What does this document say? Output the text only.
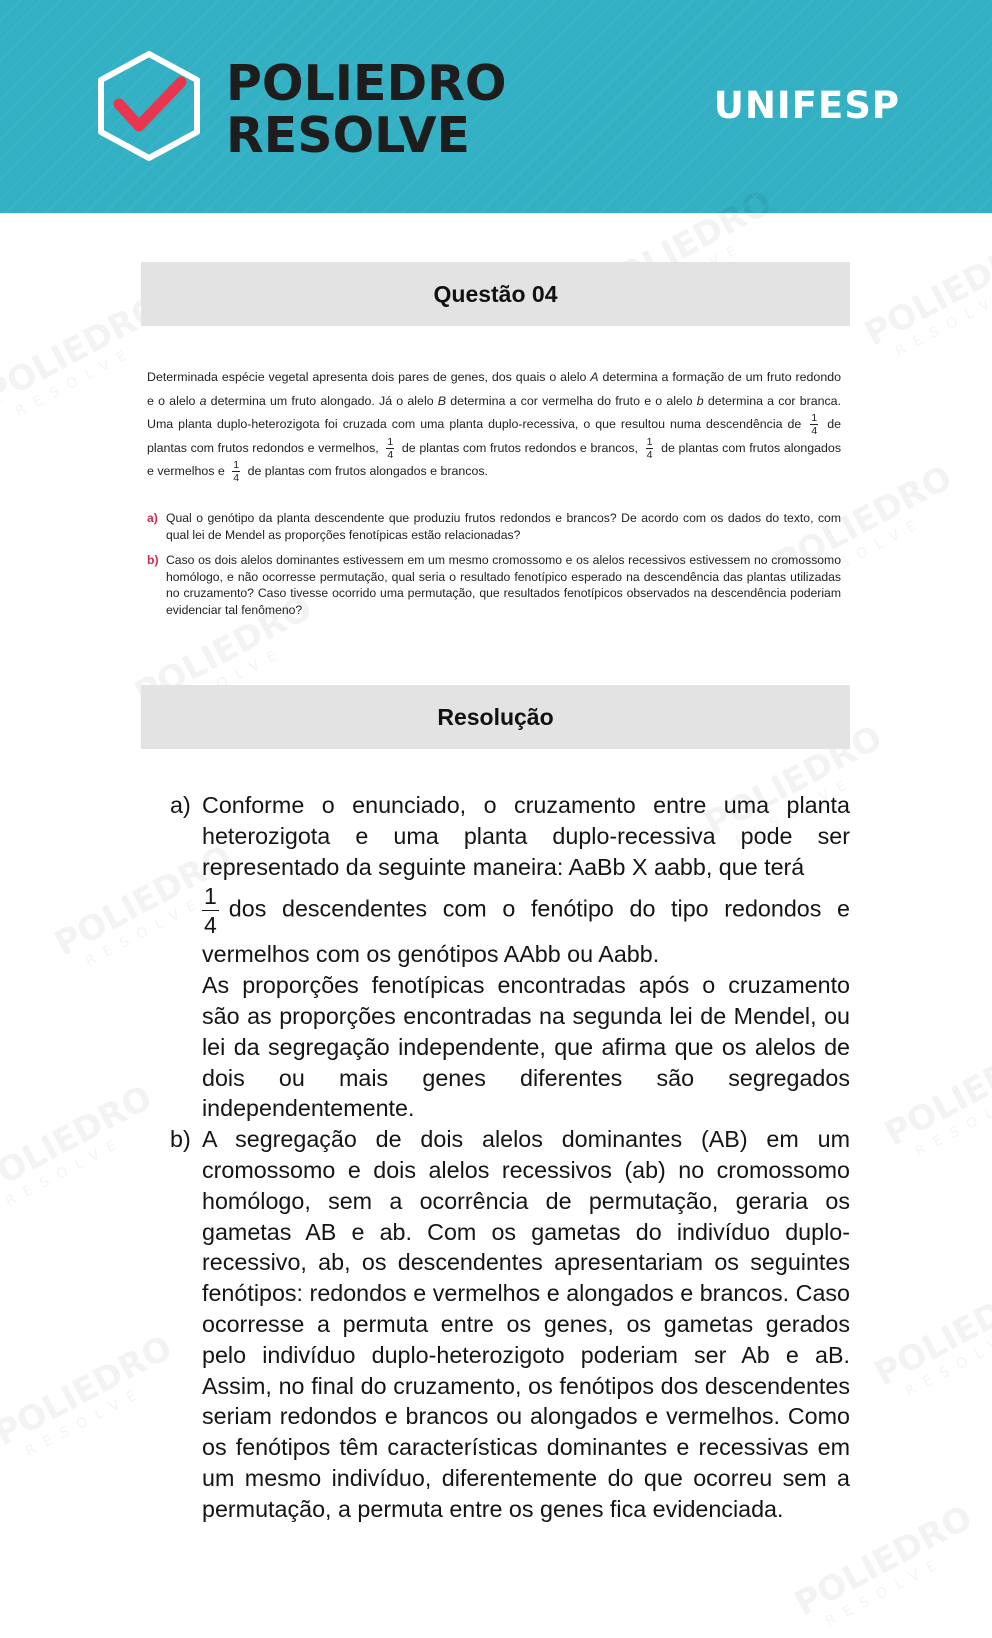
POLIEDRO
RESOLVE
UNIFESP
Questão 04
Determinada espécie vegetal apresenta dois pares de genes, dos quais o alelo A determina a formação de um fruto redondo e o alelo a determina um fruto alongado. Já o alelo B determina a cor vermelha do fruto e o alelo b determina a cor branca. Uma planta duplo-heterozigota foi cruzada com uma planta duplo-recessiva, o que resultou numa descendência de $\frac{1}{4}$ de plantas com frutos redondos e vermelhos, $\frac{1}{4}$ de plantas com frutos redondos e brancos, $\frac{1}{4}$ de plantas com frutos alongados e vermelhos e $\frac{1}{4}$ de plantas com frutos alongados e brancos.
a) Qual o genótipo da planta descendente que produziu frutos redondos e brancos? De acordo com os dados do texto, com qual lei de Mendel as proporções fenotípicas estão relacionadas?
b) Caso os dois alelos dominantes estivessem em um mesmo cromossomo e os alelos recessivos estivessem no cromossomo homólogo, e não ocorresse permutação, qual seria o resultado fenotípico esperado na descendência das plantas utilizadas no cruzamento? Caso tivesse ocorrido uma permutação, que resultados fenotípicos observados na descendência poderiam evidenciar tal fenômeno?
Resolução
a) Conforme o enunciado, o cruzamento entre uma planta heterozigota e uma planta duplo-recessiva pode ser representado da seguinte maneira: AaBb X aabb, que terá

$\frac{1}{4}$ dos descendentes com o fenótipo do tipo redondos e vermelhos com os genótipos AAbb ou Aabb.

As proporções fenotípicas encontradas após o cruzamento são as proporções encontradas na segunda lei de Mendel, ou lei da segregação independente, que afirma que os alelos de dois ou mais genes diferentes são segregados independentemente.

b) A segregação de dois alelos dominantes (AB) em um cromossomo e dois alelos recessivos (ab) no cromossomo homólogo, sem a ocorrência de permutação, geraria os gametas AB e ab. Com os gametas do indivíduo duplo-recessivo, ab, os descendentes apresentariam os seguintes fenótipos: redondos e vermelhos e alongados e brancos. Caso ocorresse a permuta entre os genes, os gametas gerados pelo indivíduo duplo-heterozigoto poderiam ser Ab e aB. Assim, no final do cruzamento, os fenótipos dos descendentes seriam redondos e brancos ou alongados e vermelhos. Como os fenótipos têm características dominantes e recessivas em um mesmo indivíduo, diferentemente do que ocorreu sem a permutação, a permuta entre os genes fica evidenciada.
